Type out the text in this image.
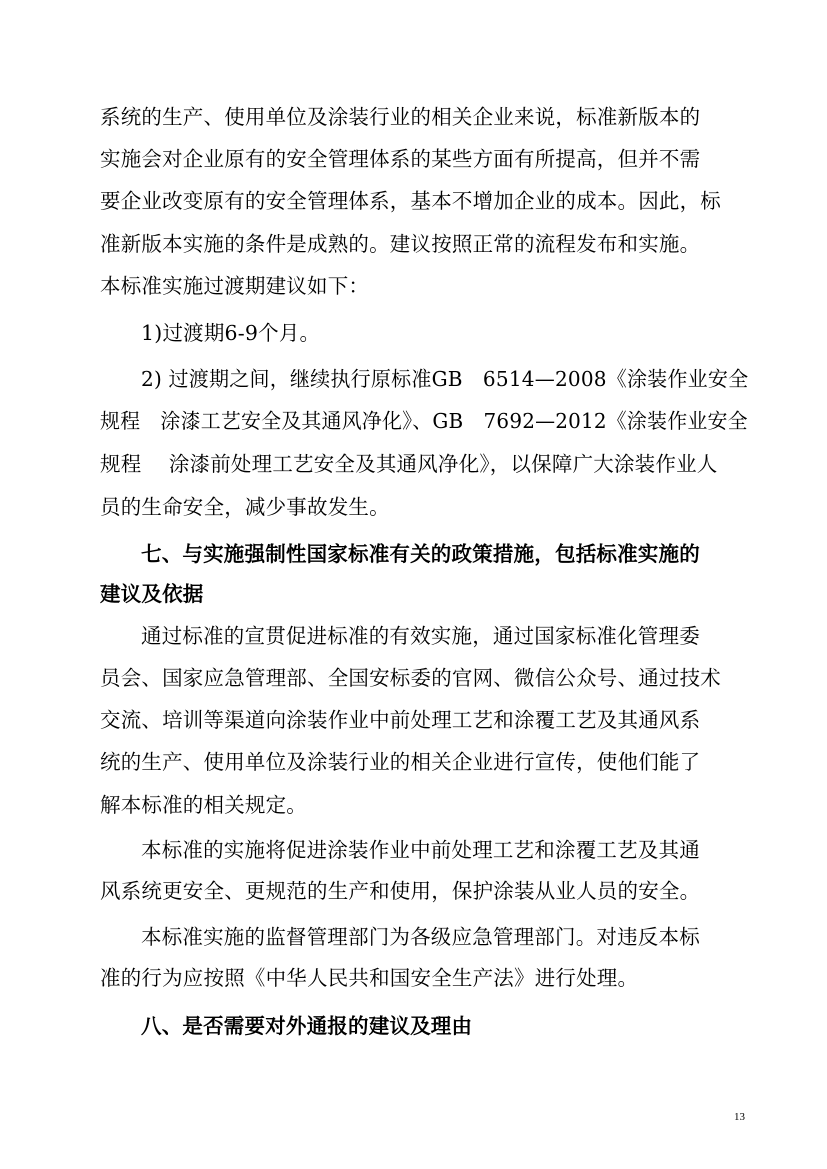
系统的生产、使用单位及涂装行业的相关企业来说，标准新版本的
实施会对企业原有的安全管理体系的某些方面有所提高，但并不需
要企业改变原有的安全管理体系，基本不增加企业的成本。因此，标
准新版本实施的条件是成熟的。建议按照正常的流程发布和实施。
本标准实施过渡期建议如下：
1)过渡期6-9个月。
2) 过渡期之间，继续执行原标准GB　6514—2008《涂装作业安全
规程　涂漆工艺安全及其通风净化》、GB　7692—2012《涂装作业安全
规程　 涂漆前处理工艺安全及其通风净化》，以保障广大涂装作业人
员的生命安全，减少事故发生。
七、与实施强制性国家标准有关的政策措施，包括标准实施的
建议及依据
通过标准的宣贯促进标准的有效实施，通过国家标准化管理委
员会、国家应急管理部、全国安标委的官网、微信公众号、通过技术
交流、培训等渠道向涂装作业中前处理工艺和涂覆工艺及其通风系
统的生产、使用单位及涂装行业的相关企业进行宣传，使他们能了
解本标准的相关规定。
本标准的实施将促进涂装作业中前处理工艺和涂覆工艺及其通
风系统更安全、更规范的生产和使用，保护涂装从业人员的安全。
本标准实施的监督管理部门为各级应急管理部门。对违反本标
准的行为应按照《中华人民共和国安全生产法》进行处理。
八、是否需要对外通报的建议及理由
13
